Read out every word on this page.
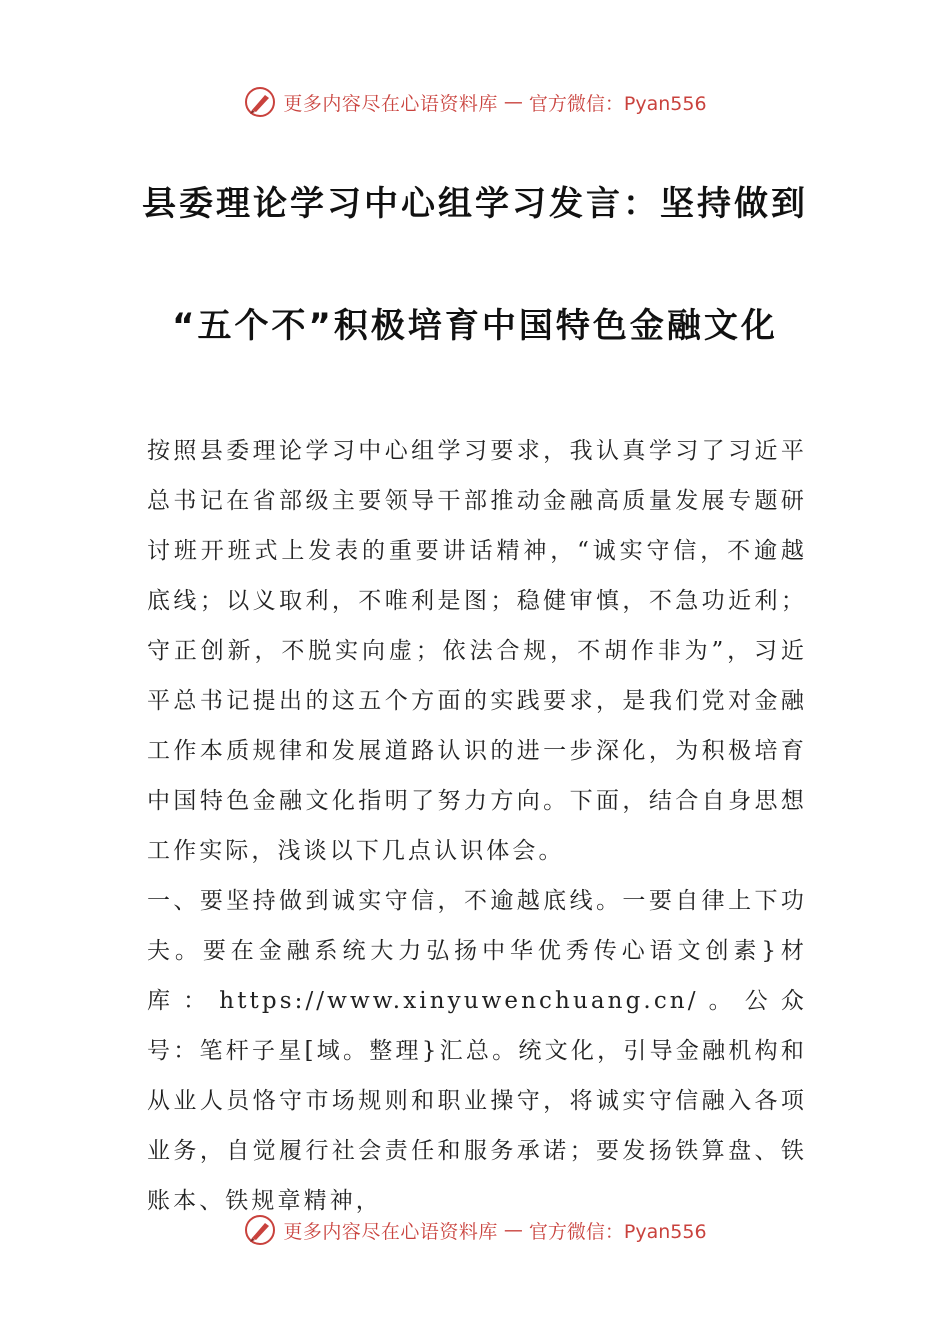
更多内容尽在心语资料库 — 官方微信：Pyan556
县委理论学习中心组学习发言：坚持做到
“五个不”积极培育中国特色金融文化

按照县委理论学习中心组学习要求，我认真学习了习近平总书记在省部级主要领导干部推动金融高质量发展专题研讨班开班式上发表的重要讲话精神，“诚实守信，不逾越底线；以义取利，不唯利是图；稳健审慎，不急功近利；守正创新，不脱实向虚；依法合规，不胡作非为”，习近平总书记提出的这五个方面的实践要求，是我们党对金融工作本质规律和发展道路认识的进一步深化，为积极培育中国特色金融文化指明了努力方向。下面，结合自身思想工作实际，浅谈以下几点认识体会。

一、要坚持做到诚实守信，不逾越底线。一要自律上下功夫。要在金融系统大力弘扬中华优秀传心语文创素}材库：https://www.xinyuwenchuang.cn/。公众号：笔杆子星[域。整理}汇总。统文化，引导金融机构和从业人员恪守市场规则和职业操守，将诚实守信融入各项业务，自觉履行社会责任和服务承诺；要发扬铁算盘、铁账本、铁规章精神，

更多内容尽在心语资料库 — 官方微信：Pyan556
